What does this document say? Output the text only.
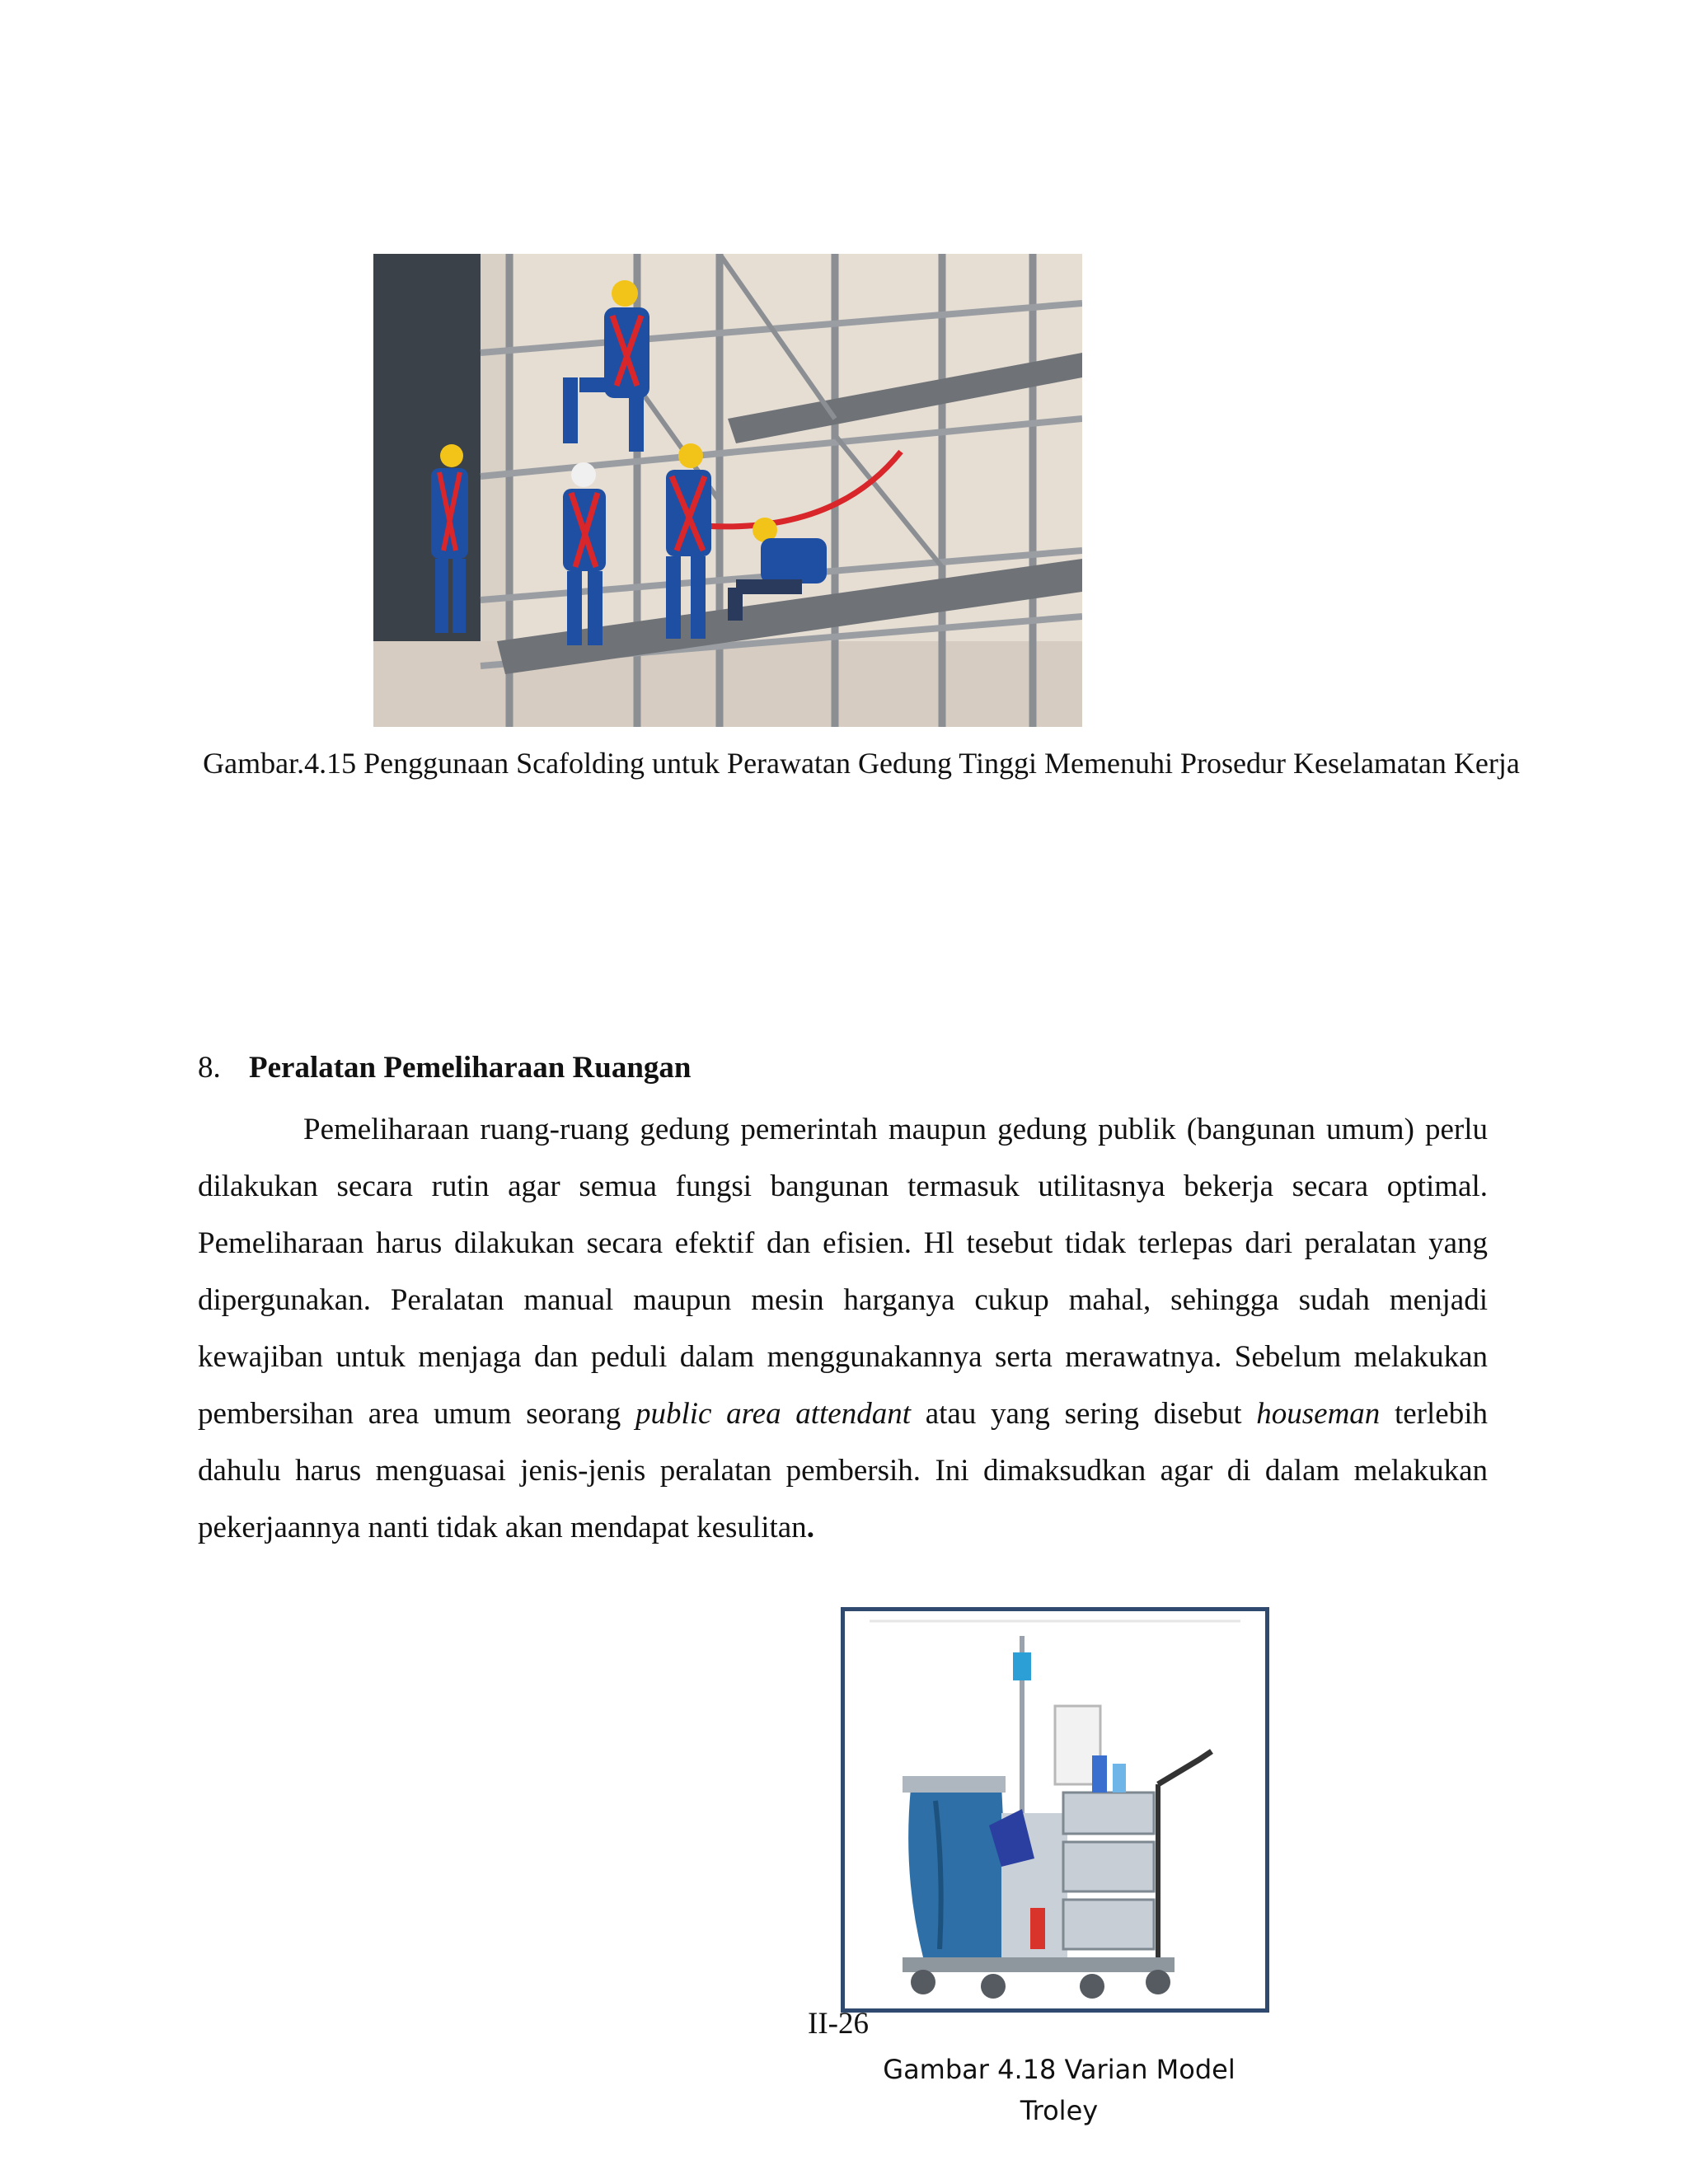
Gambar.4.15 Penggunaan Scafolding untuk Perawatan Gedung Tinggi Memenuhi Prosedur Keselamatan Kerja
8. Peralatan Pemeliharaan Ruangan

Pemeliharaan ruang-ruang gedung pemerintah maupun gedung publik (bangunan umum) perlu dilakukan secara rutin agar semua fungsi bangunan termasuk utilitasnya bekerja secara optimal. Pemeliharaan harus dilakukan secara efektif dan efisien. Hl tesebut tidak terlepas dari peralatan yang dipergunakan. Peralatan manual maupun mesin harganya cukup mahal, sehingga sudah menjadi kewajiban untuk menjaga dan peduli dalam menggunakannya serta merawatnya. Sebelum melakukan pembersihan area umum seorang public area attendant atau yang sering disebut houseman terlebih dahulu harus menguasai jenis-jenis peralatan pembersih. Ini dimaksudkan agar di dalam melakukan pekerjaannya nanti tidak akan mendapat kesulitan.

II-26
Gambar 4.18 Varian Model Troley
